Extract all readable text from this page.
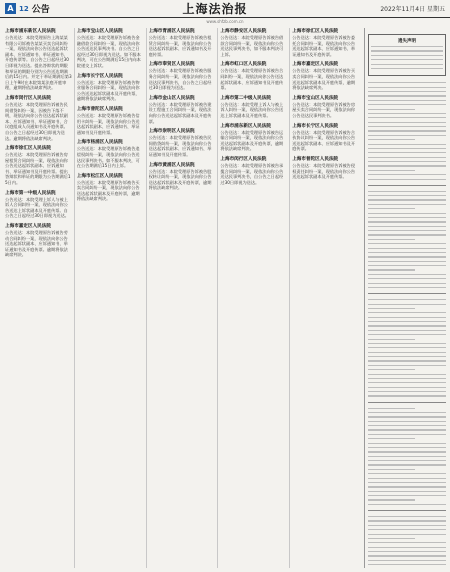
A 12 公告	上海法治报	2022年11月4日 星期五
www.shfzb.com.cn
上海市浦东新区人民法院
公告送达：本院受理原告上海某某有限公司诉被告某某买卖合同纠纷一案，现依法向你公告送达起诉状副本、应诉通知书、举证通知书、开庭传票等。自公告之日起经过30日即视为送达。提出答辩状的期限和举证的期限分别为公告送达期满后的15日内。并定于举证期满后第3日上午9时在本院第某法庭开庭审理，逾期将依法缺席判决。
上海市闵行区人民法院
公告送达：本院受理原告诉被告民间借贷纠纷一案，因被告下落不明，现依法向你公告送达起诉状副本、应诉通知书、举证通知书、合议庭组成人员通知书及开庭传票。自公告之日起经过30日即视为送达。逾期将依法缺席判决。
上海市徐汇区人民法院
公告送达：本院受理原告诉被告房屋租赁合同纠纷一案，现依法向你公告送达起诉状副本、应诉通知书、举证通知书及开庭传票。提出答辩状和举证的期限为公告期满后15日内。
上海市第一中级人民法院
公告送达：本院受理上诉人与被上诉人合同纠纷一案，现依法向你公告送达上诉状副本及开庭传票。自公告之日起经过30日即视为送达。
上海市嘉定区人民法院
公告送达：本院受理原告诉被告劳动合同纠纷一案，现依法向你公告送达起诉状副本、应诉通知书、举证通知书及开庭传票。逾期将依法缺席判决。
上海市宝山区人民法院
公告送达：本院受理原告诉被告金融借款合同纠纷一案，现依法向你公告送达民事判决书。自公告之日起经过30日即视为送达。如不服本判决，可在公告期满后15日内向本院递交上诉状。
上海市长宁区人民法院
公告送达：本院受理原告诉被告物业服务合同纠纷一案，现依法向你公告送达起诉状副本及开庭传票，逾期将依法缺席判决。
上海市普陀区人民法院
公告送达：本院受理原告诉被告信用卡纠纷一案，现依法向你公告送达起诉状副本、应诉通知书、举证通知书及开庭传票。
上海市杨浦区人民法院
公告送达：本院受理原告诉被告追偿权纠纷一案，现依法向你公告送达民事判决书。如不服本判决，可在公告期满后15日内上诉。
上海市松江区人民法院
公告送达：本院受理原告诉被告买卖合同纠纷一案，现依法向你公告送达起诉状副本及开庭传票，逾期将依法缺席判决。
上海市青浦区人民法院
公告送达：本院受理原告诉被告租赁合同纠纷一案，现依法向你公告送达起诉状副本、应诉通知书及开庭传票。
上海市奉贤区人民法院
公告送达：本院受理原告诉被告服务合同纠纷一案，现依法向你公告送达民事判决书，自公告之日起经过30日即视为送达。
上海市金山区人民法院
公告送达：本院受理原告诉被告建设工程施工合同纠纷一案，现依法向你公告送达起诉状副本及开庭传票。
上海市崇明区人民法院
公告送达：本院受理原告诉被告民间借贷纠纷一案，现依法向你公告送达起诉状副本、应诉通知书、举证通知书及开庭传票。
上海市黄浦区人民法院
公告送达：本院受理原告诉被告股权转让纠纷一案，现依法向你公告送达起诉状副本及开庭传票，逾期将依法缺席判决。
上海市静安区人民法院
公告送达：本院受理原告诉被告借款合同纠纷一案，现依法向你公告送达民事判决书，如不服本判决可上诉。
上海市虹口区人民法院
公告送达：本院受理原告诉被告合同纠纷一案，现依法向你公告送达起诉状副本、应诉通知书及开庭传票。
上海市第二中级人民法院
公告送达：本院受理上诉人与被上诉人纠纷一案，现依法向你公告送达上诉状副本及开庭传票。
上海市浦东新区人民法院
公告送达：本院受理原告诉被告运输合同纠纷一案，现依法向你公告送达起诉状副本及开庭传票，逾期将依法缺席判决。
上海市闵行区人民法院
公告送达：本院受理原告诉被告承揽合同纠纷一案，现依法向你公告送达民事判决书，自公告之日起经过30日即视为送达。
上海市徐汇区人民法院
公告送达：本院受理原告诉被告委托合同纠纷一案，现依法向你公告送达起诉状副本、应诉通知书、举证通知书及开庭传票。
上海市嘉定区人民法院
公告送达：本院受理原告诉被告买卖合同纠纷一案，现依法向你公告送达起诉状副本及开庭传票，逾期将依法缺席判决。
上海市宝山区人民法院
公告送达：本院受理原告诉被告房屋买卖合同纠纷一案，现依法向你公告送达民事判决书。
上海市长宁区人民法院
公告送达：本院受理原告诉被告合伙协议纠纷一案，现依法向你公告送达起诉状副本、应诉通知书及开庭传票。
上海市普陀区人民法院
公告送达：本院受理原告诉被告侵权责任纠纷一案，现依法向你公告送达起诉状副本及开庭传票。
遗失声明
